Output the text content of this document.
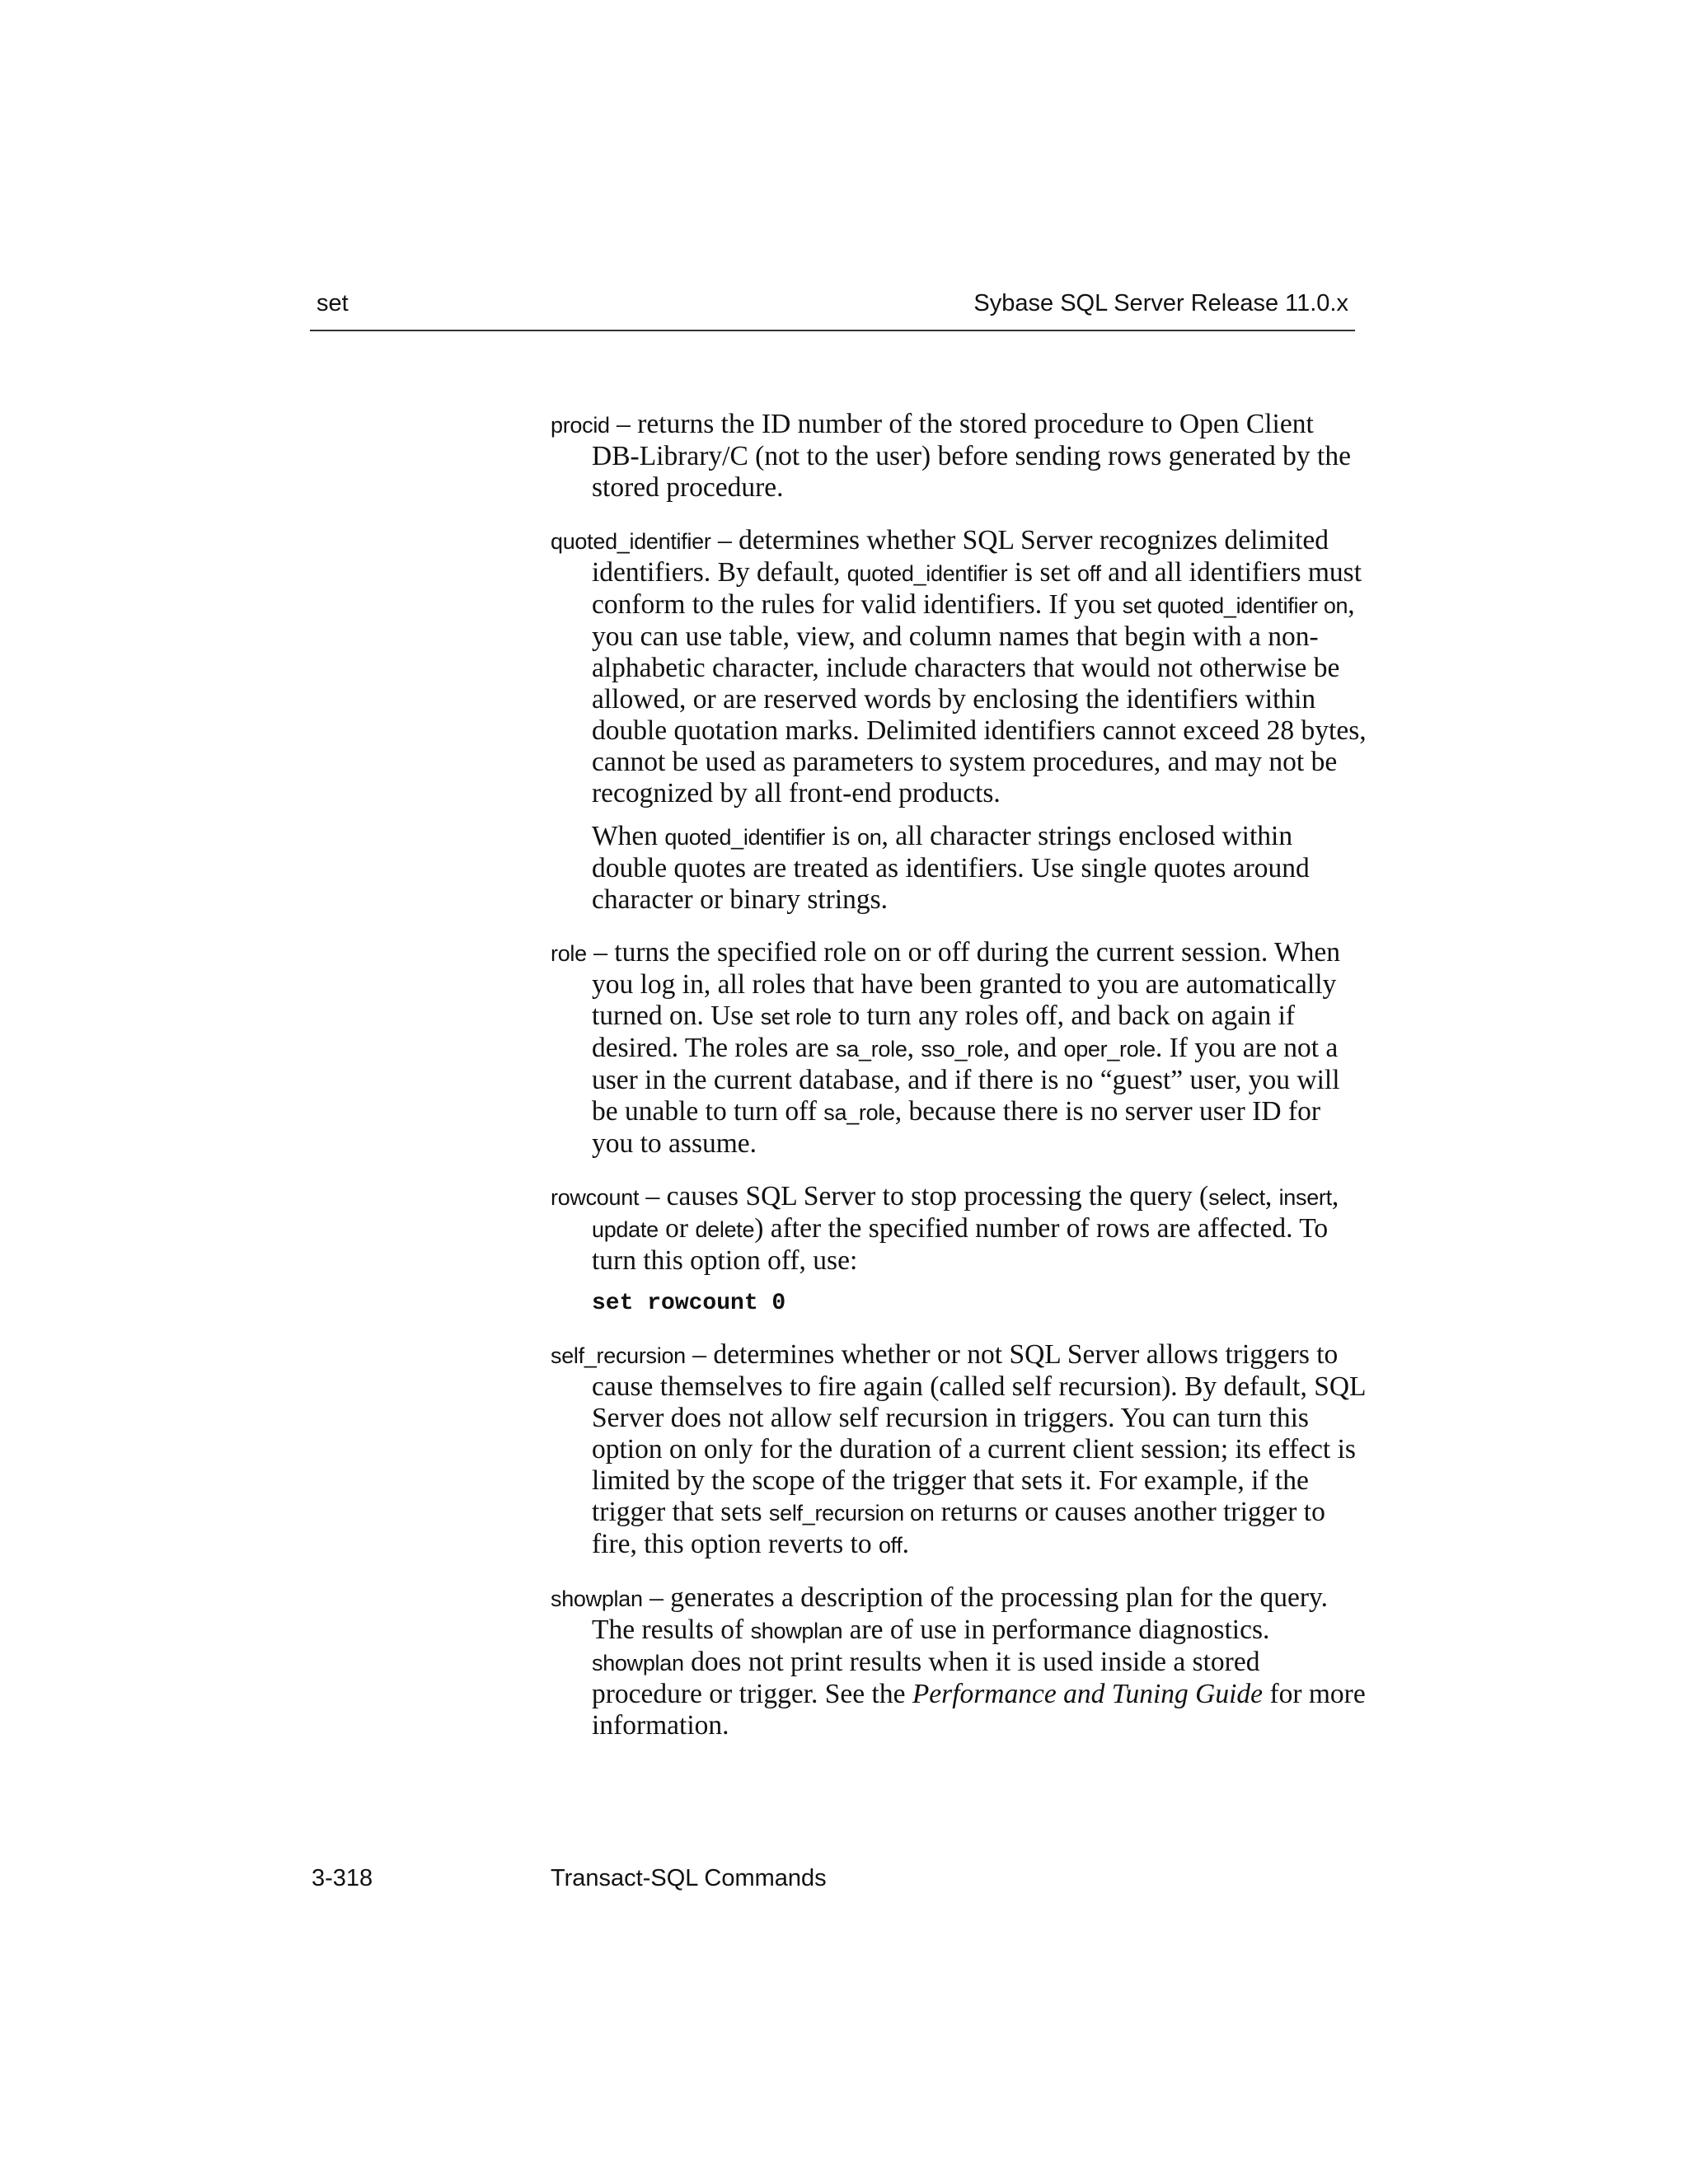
set	Sybase SQL Server Release 11.0.x

procid – returns the ID number of the stored procedure to Open Client DB-Library/C (not to the user) before sending rows generated by the stored procedure.

quoted_identifier – determines whether SQL Server recognizes delimited identifiers. By default, quoted_identifier is set off and all identifiers must conform to the rules for valid identifiers. If you set quoted_identifier on, you can use table, view, and column names that begin with a non-alphabetic character, include characters that would not otherwise be allowed, or are reserved words by enclosing the identifiers within double quotation marks. Delimited identifiers cannot exceed 28 bytes, cannot be used as parameters to system procedures, and may not be recognized by all front-end products.

When quoted_identifier is on, all character strings enclosed within double quotes are treated as identifiers. Use single quotes around character or binary strings.

role – turns the specified role on or off during the current session. When you log in, all roles that have been granted to you are automatically turned on. Use set role to turn any roles off, and back on again if desired. The roles are sa_role, sso_role, and oper_role. If you are not a user in the current database, and if there is no “guest” user, you will be unable to turn off sa_role, because there is no server user ID for you to assume.

rowcount – causes SQL Server to stop processing the query (select, insert, update or delete) after the specified number of rows are affected. To turn this option off, use:

set rowcount 0

self_recursion – determines whether or not SQL Server allows triggers to cause themselves to fire again (called self recursion). By default, SQL Server does not allow self recursion in triggers. You can turn this option on only for the duration of a current client session; its effect is limited by the scope of the trigger that sets it. For example, if the trigger that sets self_recursion on returns or causes another trigger to fire, this option reverts to off.

showplan – generates a description of the processing plan for the query. The results of showplan are of use in performance diagnostics. showplan does not print results when it is used inside a stored procedure or trigger. See the Performance and Tuning Guide for more information.

3-318	Transact-SQL Commands
